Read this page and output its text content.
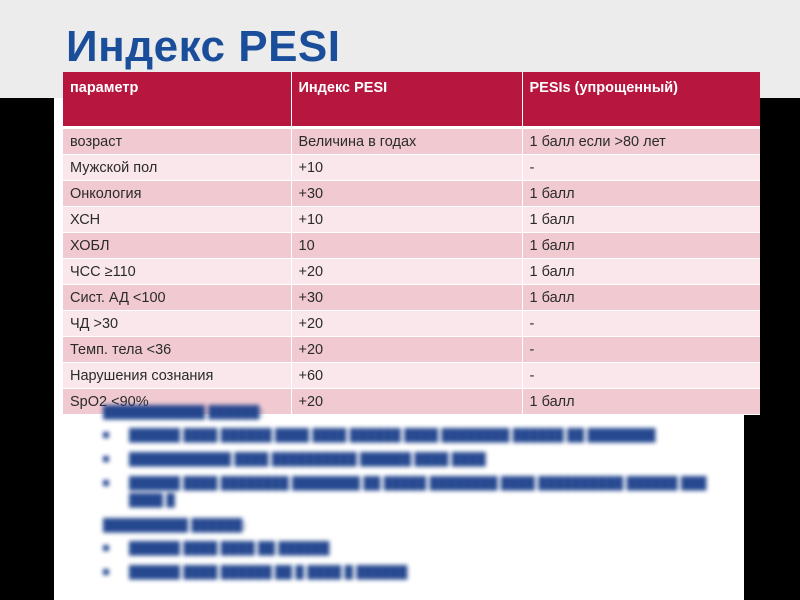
Индекс PESI
параметр	Индекс PESI	PESIs (упрощенный)
возраст	Величина в годах	1 балл если >80 лет
Мужской пол	+10	-
Онкология	+30	1 балл
ХСН	+10	1 балл
ХОБЛ	10	1 балл
ЧСС ≥110	+20	1 балл
Сист. АД <100	+30	1 балл
ЧД >30	+20	-
Темп. тела <36	+20	-
Нарушения сознания	+60	-
SpO2 <90%	+20	1 балл
████████████ ██████:
██████ ████ ██████ ████ ████ ██████ ████ ████████ ██████ ██ ████████
████████████ ████ ██████████ ██████ ████ ████
██████ ████ ████████ ████████ ██ █████ ████████ ████ ██████████ ██████ ███
████ █
██████████ ██████:
██████ ████ ████ ██ ██████
██████ ████ ██████ ██ █ ████ █ ██████
